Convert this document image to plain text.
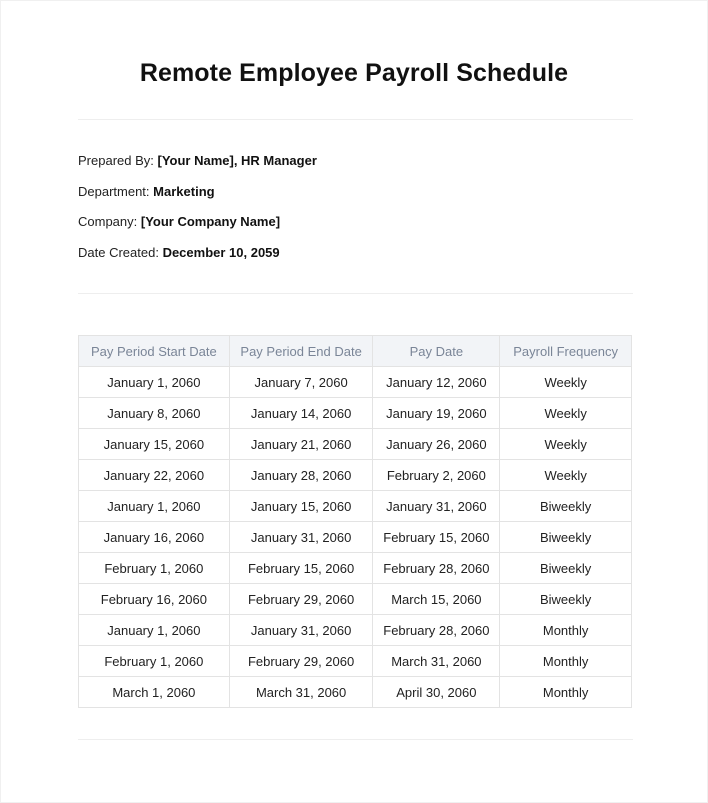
Remote Employee Payroll Schedule
Prepared By: [Your Name], HR Manager
Department: Marketing
Company: [Your Company Name]
Date Created: December 10, 2059
Pay Period Start Date	Pay Period End Date	Pay Date	Payroll Frequency
January 1, 2060	January 7, 2060	January 12, 2060	Weekly
January 8, 2060	January 14, 2060	January 19, 2060	Weekly
January 15, 2060	January 21, 2060	January 26, 2060	Weekly
January 22, 2060	January 28, 2060	February 2, 2060	Weekly
January 1, 2060	January 15, 2060	January 31, 2060	Biweekly
January 16, 2060	January 31, 2060	February 15, 2060	Biweekly
February 1, 2060	February 15, 2060	February 28, 2060	Biweekly
February 16, 2060	February 29, 2060	March 15, 2060	Biweekly
January 1, 2060	January 31, 2060	February 28, 2060	Monthly
February 1, 2060	February 29, 2060	March 31, 2060	Monthly
March 1, 2060	March 31, 2060	April 30, 2060	Monthly
